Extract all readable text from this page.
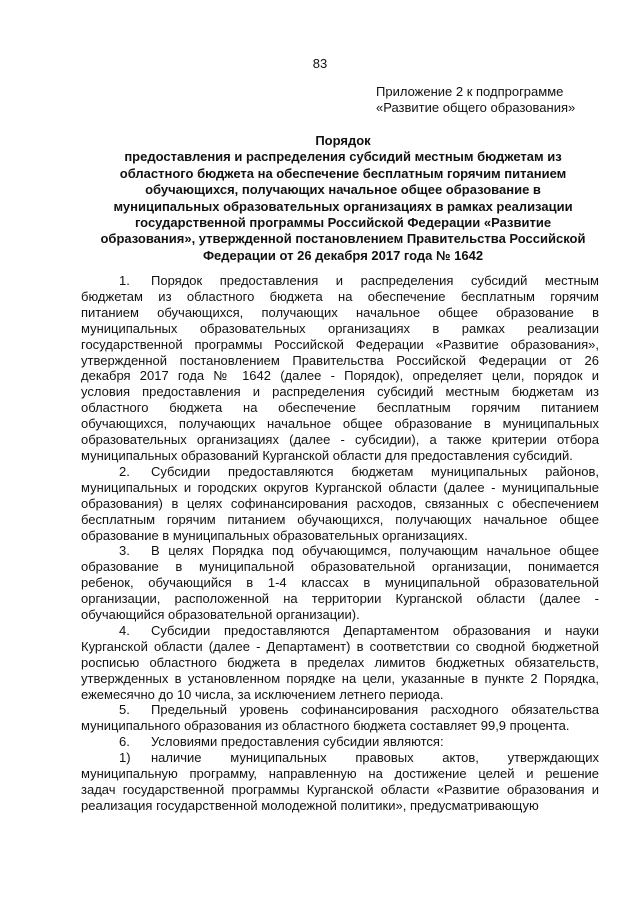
83
Приложение 2 к подпрограмме
«Развитие общего образования»
Порядок
предоставления и распределения субсидий местным бюджетам из
областного бюджета на обеспечение бесплатным горячим питанием
обучающихся, получающих начальное общее образование в
муниципальных образовательных организациях в рамках реализации
государственной программы Российской Федерации «Развитие
образования», утвержденной постановлением Правительства Российской
Федерации от 26 декабря 2017 года № 1642
1. Порядок предоставления и распределения субсидий местным
бюджетам из областного бюджета на обеспечение бесплатным горячим
питанием обучающихся, получающих начальное общее образование в
муниципальных образовательных организациях в рамках реализации
государственной программы Российской Федерации «Развитие образования»,
утвержденной постановлением Правительства Российской Федерации от 26
декабря 2017 года № 1642 (далее - Порядок), определяет цели, порядок и
условия предоставления и распределения субсидий местным бюджетам из
областного бюджета на обеспечение бесплатным горячим питанием
обучающихся, получающих начальное общее образование в муниципальных
образовательных организациях (далее - субсидии), а также критерии отбора
муниципальных образований Курганской области для предоставления субсидий.
2. Субсидии предоставляются бюджетам муниципальных районов,
муниципальных и городских округов Курганской области (далее - муниципальные
образования) в целях софинансирования расходов, связанных с обеспечением
бесплатным горячим питанием обучающихся, получающих начальное общее
образование в муниципальных образовательных организациях.
3. В целях Порядка под обучающимся, получающим начальное общее
образование в муниципальной образовательной организации, понимается
ребенок, обучающийся в 1-4 классах в муниципальной образовательной
организации, расположенной на территории Курганской области (далее -
обучающийся образовательной организации).
4. Субсидии предоставляются Департаментом образования и науки
Курганской области (далее - Департамент) в соответствии со сводной бюджетной
росписью областного бюджета в пределах лимитов бюджетных обязательств,
утвержденных в установленном порядке на цели, указанные в пункте 2 Порядка,
ежемесячно до 10 числа, за исключением летнего периода.
5. Предельный уровень софинансирования расходного обязательства
муниципального образования из областного бюджета составляет 99,9 процента.
6. Условиями предоставления субсидии являются:
1) наличие муниципальных правовых актов, утверждающих
муниципальную программу, направленную на достижение целей и решение
задач государственной программы Курганской области «Развитие образования и
реализация государственной молодежной политики», предусматривающую
